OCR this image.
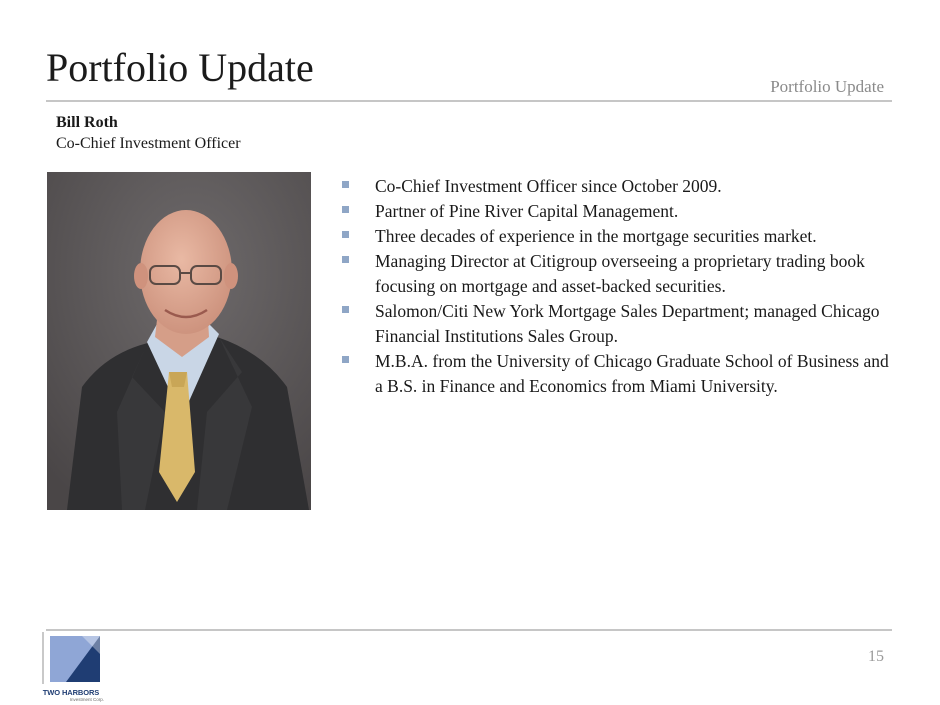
Portfolio Update	Portfolio Update
Bill Roth
Co-Chief Investment Officer
Co-Chief Investment Officer since October 2009.
Partner of Pine River Capital Management.
Three decades of experience in the mortgage securities market.
Managing Director at Citigroup overseeing a proprietary trading book focusing on mortgage and asset-backed securities.
Salomon/Citi New York Mortgage Sales Department; managed Chicago Financial Institutions Sales Group.
M.B.A. from the University of Chicago Graduate School of Business and a B.S. in Finance and Economics from Miami University.
15
TWO HARBORS
Investment Corp.
